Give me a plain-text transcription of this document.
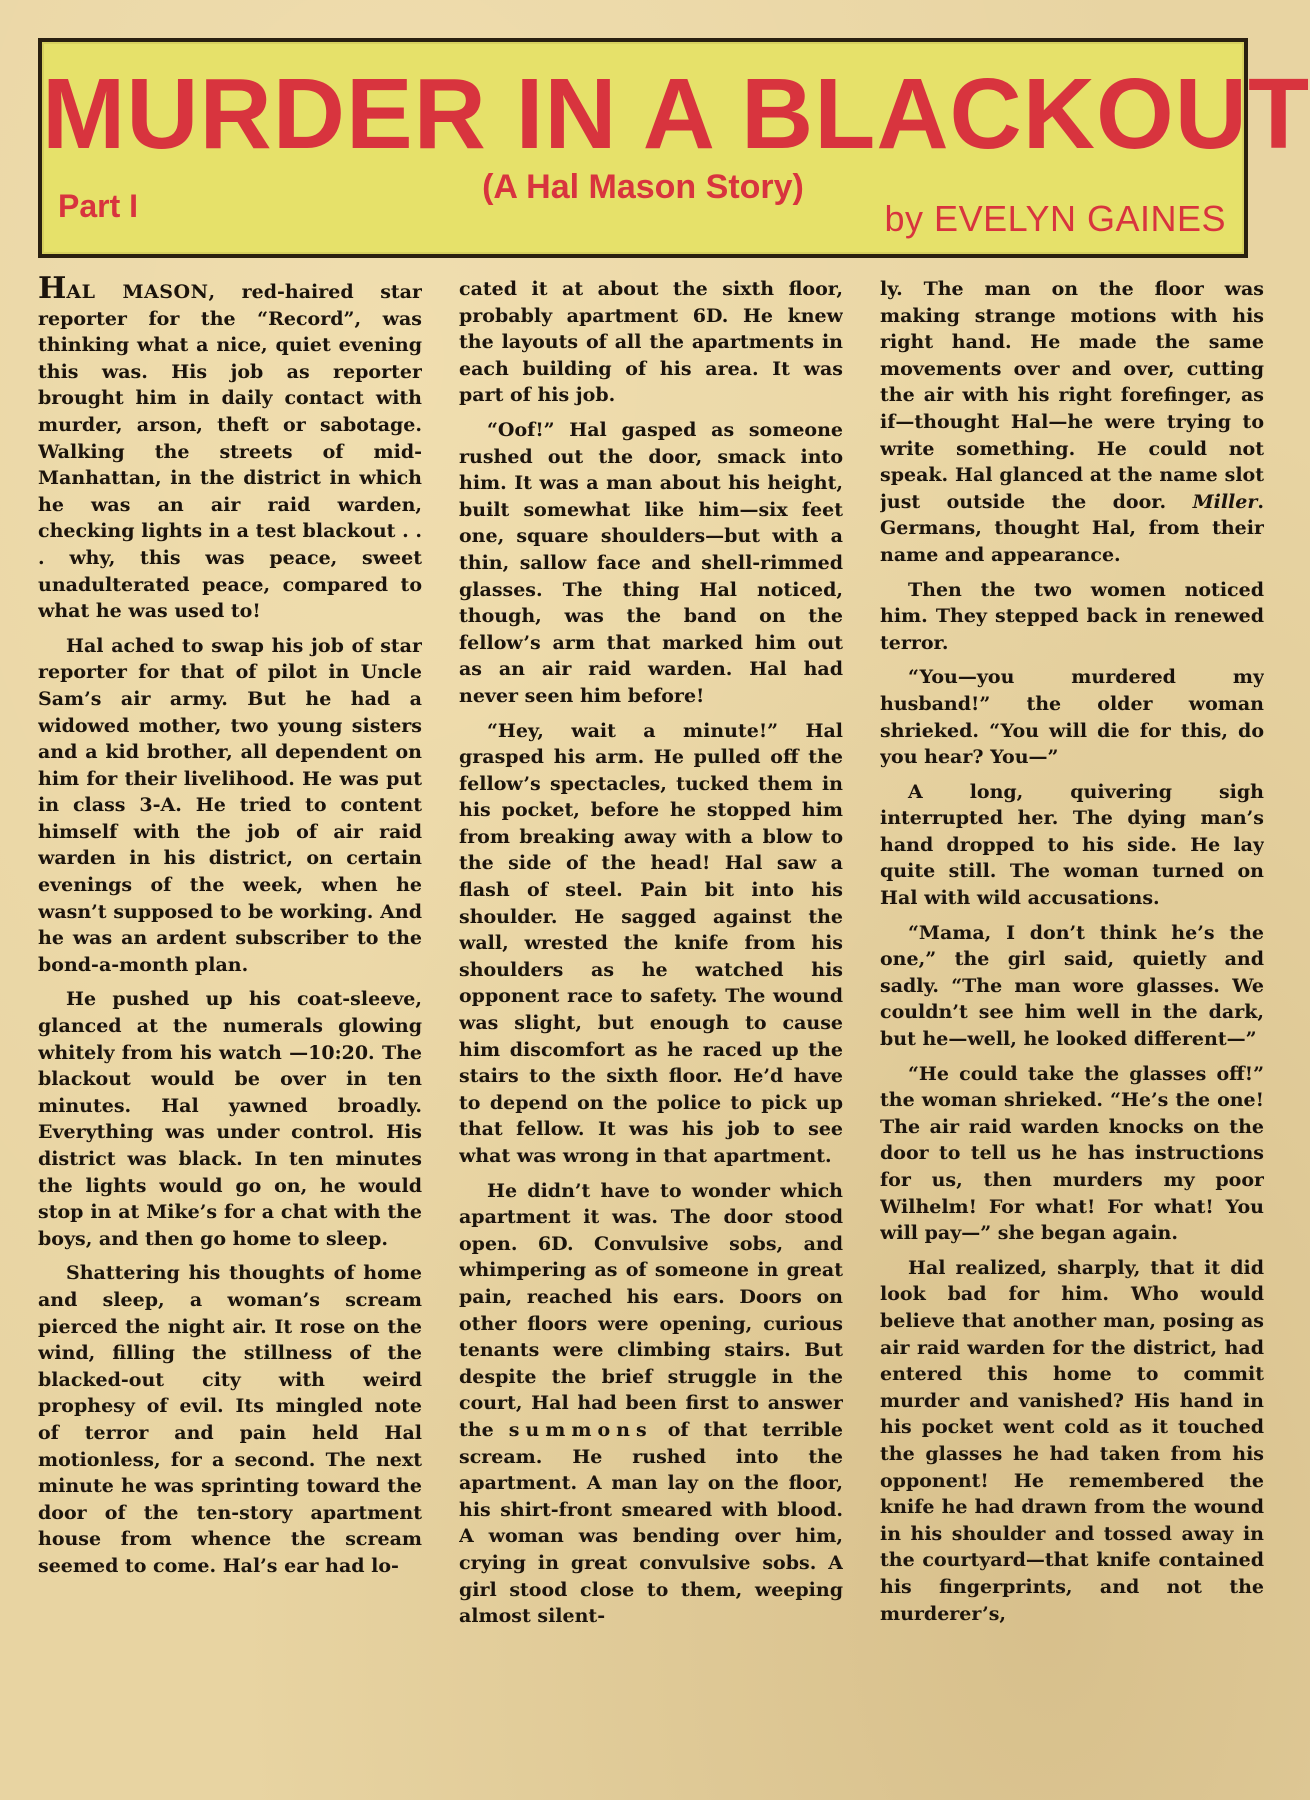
MURDER IN A BLACKOUT
Part I	(A Hal Mason Story)
by EVELYN GAINES

HAL MASON, red-haired star reporter for the “Record”, was thinking what a nice, quiet evening this was. His job as reporter brought him in daily contact with murder, arson, theft or sabotage. Walking the streets of mid-Manhattan, in the district in which he was an air raid warden, checking lights in a test blackout . . . why, this was peace, sweet unadulterated peace, compared to what he was used to!

Hal ached to swap his job of star reporter for that of pilot in Uncle Sam’s air army. But he had a widowed mother, two young sisters and a kid brother, all dependent on him for their livelihood. He was put in class 3-A. He tried to content himself with the job of air raid warden in his district, on certain evenings of the week, when he wasn’t supposed to be working. And he was an ardent subscriber to the bond-a-month plan.

He pushed up his coat-sleeve, glanced at the numerals glowing whitely from his watch —10:20. The blackout would be over in ten minutes. Hal yawned broadly. Everything was under control. His district was black. In ten minutes the lights would go on, he would stop in at Mike’s for a chat with the boys, and then go home to sleep.

Shattering his thoughts of home and sleep, a woman’s scream pierced the night air. It rose on the wind, filling the stillness of the blacked-out city with weird prophesy of evil. Its mingled note of terror and pain held Hal motionless, for a second. The next minute he was sprinting toward the door of the ten-story apartment house from whence the scream seemed to come. Hal’s ear had lo-

cated it at about the sixth floor, probably apartment 6D. He knew the layouts of all the apartments in each building of his area. It was part of his job.

“Oof!” Hal gasped as someone rushed out the door, smack into him. It was a man about his height, built somewhat like him—six feet one, square shoulders—but with a thin, sallow face and shell-rimmed glasses. The thing Hal noticed, though, was the band on the fellow’s arm that marked him out as an air raid warden. Hal had never seen him before!

“Hey, wait a minute!” Hal grasped his arm. He pulled off the fellow’s spectacles, tucked them in his pocket, before he stopped him from breaking away with a blow to the side of the head! Hal saw a flash of steel. Pain bit into his shoulder. He sagged against the wall, wrested the knife from his shoulders as he watched his opponent race to safety. The wound was slight, but enough to cause him discomfort as he raced up the stairs to the sixth floor. He’d have to depend on the police to pick up that fellow. It was his job to see what was wrong in that apartment.

He didn’t have to wonder which apartment it was. The door stood open. 6D. Convulsive sobs, and whimpering as of someone in great pain, reached his ears. Doors on other floors were opening, curious tenants were climbing stairs. But despite the brief struggle in the court, Hal had been first to answer the summons of that terrible scream. He rushed into the apartment. A man lay on the floor, his shirt-front smeared with blood. A woman was bending over him, crying in great convulsive sobs. A girl stood close to them, weeping almost silent-

ly. The man on the floor was making strange motions with his right hand. He made the same movements over and over, cutting the air with his right forefinger, as if—thought Hal—he were trying to write something. He could not speak. Hal glanced at the name slot just outside the door. Miller. Germans, thought Hal, from their name and appearance.

Then the two women noticed him. They stepped back in renewed terror.

“You—you murdered my husband!” the older woman shrieked. “You will die for this, do you hear? You—”

A long, quivering sigh interrupted her. The dying man’s hand dropped to his side. He lay quite still. The woman turned on Hal with wild accusations.

“Mama, I don’t think he’s the one,” the girl said, quietly and sadly. “The man wore glasses. We couldn’t see him well in the dark, but he—well, he looked different—”

“He could take the glasses off!” the woman shrieked. “He’s the one! The air raid warden knocks on the door to tell us he has instructions for us, then murders my poor Wilhelm! For what! For what! You will pay—” she began again.

Hal realized, sharply, that it did look bad for him. Who would believe that another man, posing as air raid warden for the district, had entered this home to commit murder and vanished? His hand in his pocket went cold as it touched the glasses he had taken from his opponent! He remembered the knife he had drawn from the wound in his shoulder and tossed away in the courtyard—that knife contained his fingerprints, and not the murderer’s,
